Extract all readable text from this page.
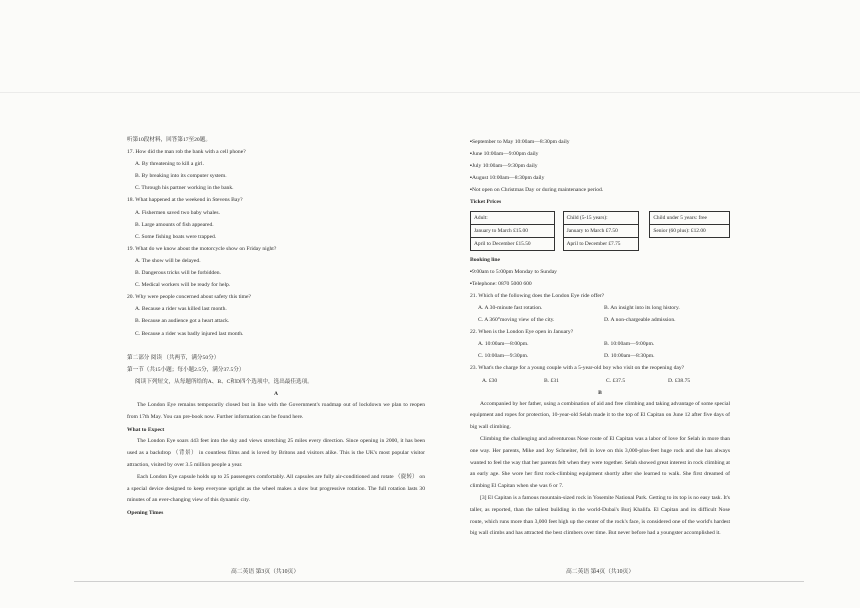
听第10段材料，回答第17至20题。

17. How did the man rob the bank with a cell phone?

A. By threatening to kill a girl.

B. By breaking into its computer system.

C. Through his partner working in the bank.

18. What happened at the weekend in Stevens Bay?

A. Fishermen saved two baby whales.

B. Large amounts of fish appeared.

C. Some fishing boats were trapped.

19. What do we know about the motorcycle show on Friday night?

A. The show will be delayed.

B. Dangerous tricks will be forbidden.

C. Medical workers will be ready for help.

20. Why were people concerned about safety this time?

A. Because a rider was killed last month.

B. Because an audience got a heart attack.

C. Because a rider was badly injured last month.

第二部分 阅读 （共两节，满分50分）

第一节（共15小题；每小题2.5分，满分37.5分）

阅读下列短文，从每题所给的A、B、C和D四个选项中，选出最佳选项。

A

The London Eye remains temporarily closed but in line with the Government's roadmap out of lockdown we plan to reopen from 17th May. You can pre-book now. Further information can be found here.

What to Expect

The London Eye soars 443 feet into the sky and views stretching 25 miles every direction. Since opening in 2000, it has been used as a backdrop （背景） in countless films and is loved by Britons and visitors alike. This is the UK's most popular visitor attraction, visited by over 3.5 million people a year.

Each London Eye capsule holds up to 25 passengers comfortably. All capsules are fully air-conditioned and rotate （旋转） on a special device designed to keep everyone upright as the wheel makes a slow but progressive rotation. The full rotation lasts 30 minutes of an ever-changing view of this dynamic city.

Opening Times

高二英语 第3页（共10页）

▪September to May 10:00am—8:30pm daily

▪June 10:00am—9:00pm daily

▪July 10:00am—9:30pm daily

▪August 10:00am—8:30pm daily

▪Not open on Christmas Day or during maintenance period.

Ticket Prices

Adult:
January to March £15.00
April to December £15.50
Child (5-15 years):
January to March £7.50
April to December £7.75
Child under 5 years: free
Senior (60 plus): £12.00

Booking line

▪9:00am to 5:00pm Monday to Sunday

▪Telephone: 0870 5000 600

21. Which of the following does the London Eye ride offer?

A. A 30-minute fast rotation.	B. An insight into its long history.
C. A 360°moving view of the city.	D. A non-chargeable admission.

22. When is the London Eye open in January?

A. 10:00am—8:00pm.	B. 10:00am—9:00pm.
C. 10:00am—9:30pm.	D. 10:00am—8:30pm.

23. What's the charge for a young couple with a 5-year-old boy who visit on the reopening day?

A. £30	B. £31	C. £37.5	D. £38.75

B

Accompanied by her father, using a combination of aid and free climbing and taking advantage of some special equipment and ropes for protection, 10-year-old Selah made it to the top of El Capitan on June 12 after five days of big wall climbing.

Climbing the challenging and adventurous Nose route of El Capitan was a labor of love for Selah in more than one way. Her parents, Mike and Joy Schneiter, fell in love on this 3,000-plus-feet huge rock and she has always wanted to feel the way that her parents felt when they were together. Selah showed great interest in rock climbing at an early age. She wore her first rock-climbing equipment shortly after she learned to walk. She first dreamed of climbing El Capitan when she was 6 or 7.

[3] El Capitan is a famous mountain-sized rock in Yosemite National Park. Getting to its top is no easy task. It's taller, as reported, than the tallest building in the world-Dubai's Burj Khalifa. El Capitan and its difficult Nose route, which runs more than 3,000 feet high up the center of the rock's face, is considered one of the world's hardest big wall climbs and has attracted the best climbers over time. But never before had a youngster accomplished it.

高二英语 第4页（共10页）
